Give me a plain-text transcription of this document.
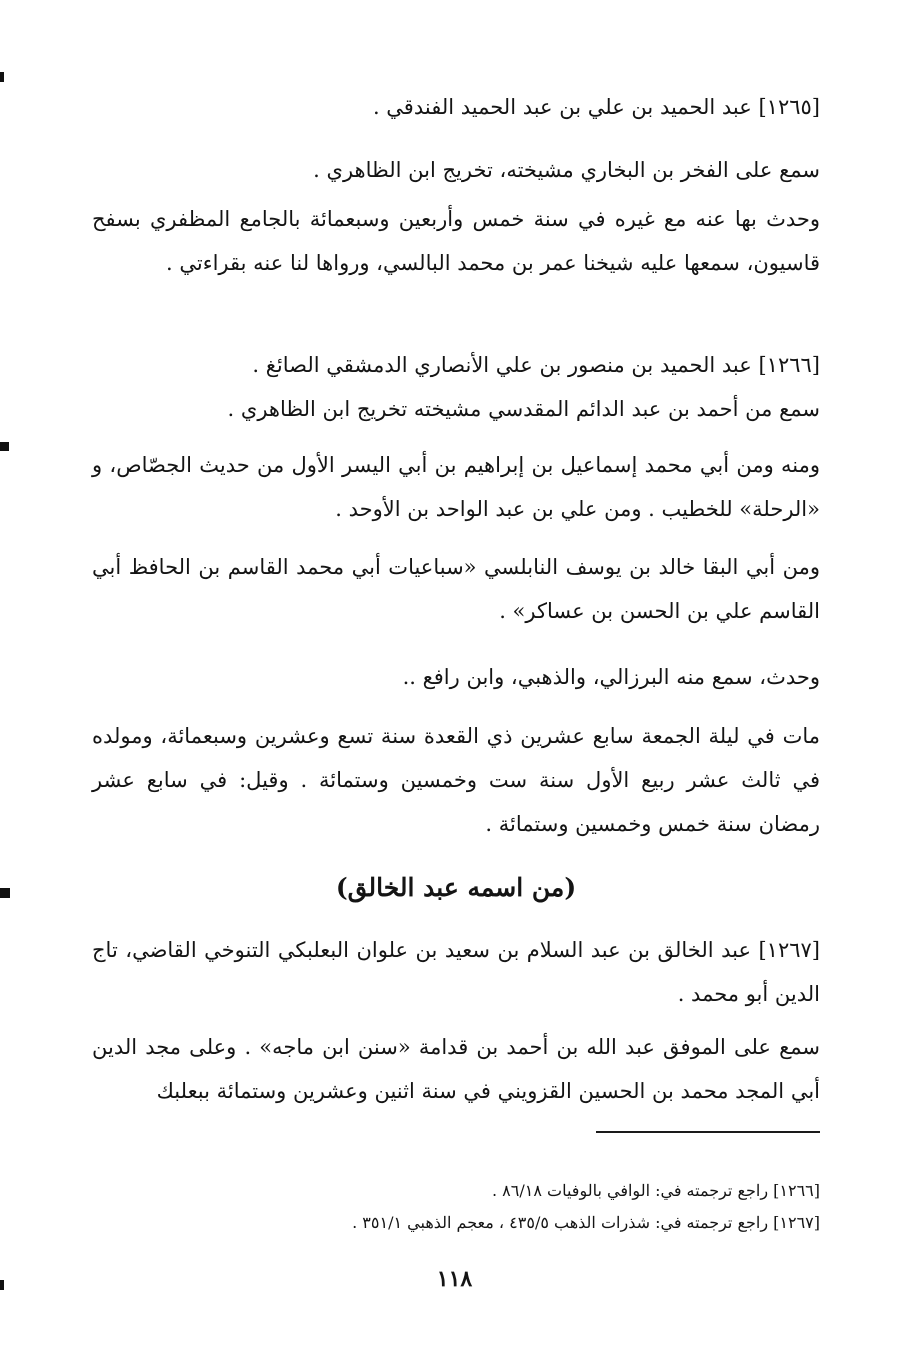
[١٢٦٥] عبد الحميد بن علي بن عبد الحميد الفندقي .
سمع على الفخر بن البخاري مشيخته، تخريج ابن الظاهري .
وحدث بها عنه مع غيره في سنة خمس وأربعين وسبعمائة بالجامع المظفري بسفح قاسيون، سمعها عليه شيخنا عمر بن محمد البالسي، ورواها لنا عنه بقراءتي .
[١٢٦٦] عبد الحميد بن منصور بن علي الأنصاري الدمشقي الصائغ .
سمع من أحمد بن عبد الدائم المقدسي مشيخته تخريج ابن الظاهري .
ومنه ومن أبي محمد إسماعيل بن إبراهيم بن أبي اليسر الأول من حديث الجصّاص، و «الرحلة» للخطيب . ومن علي بن عبد الواحد بن الأوحد .
ومن أبي البقا خالد بن يوسف النابلسي «سباعيات أبي محمد القاسم بن الحافظ أبي القاسم علي بن الحسن بن عساكر» .
وحدث، سمع منه البرزالي، والذهبي، وابن رافع ..
مات في ليلة الجمعة سابع عشرين ذي القعدة سنة تسع وعشرين وسبعمائة، ومولده في ثالث عشر ربيع الأول سنة ست وخمسين وستمائة . وقيل: في سابع عشر رمضان سنة خمس وخمسين وستمائة .
(من اسمه عبد الخالق)
[١٢٦٧] عبد الخالق بن عبد السلام بن سعيد بن علوان البعلبكي التنوخي القاضي، تاج الدين أبو محمد .
سمع على الموفق عبد الله بن أحمد بن قدامة «سنن ابن ماجه» . وعلى مجد الدين أبي المجد محمد بن الحسين القزويني في سنة اثنين وعشرين وستمائة ببعلبك
[١٢٦٦] راجع ترجمته في: الوافي بالوفيات ٨٦/١٨ .
[١٢٦٧] راجع ترجمته في: شذرات الذهب ٤٣٥/٥ ، معجم الذهبي ٣٥١/١ .
١١٨
